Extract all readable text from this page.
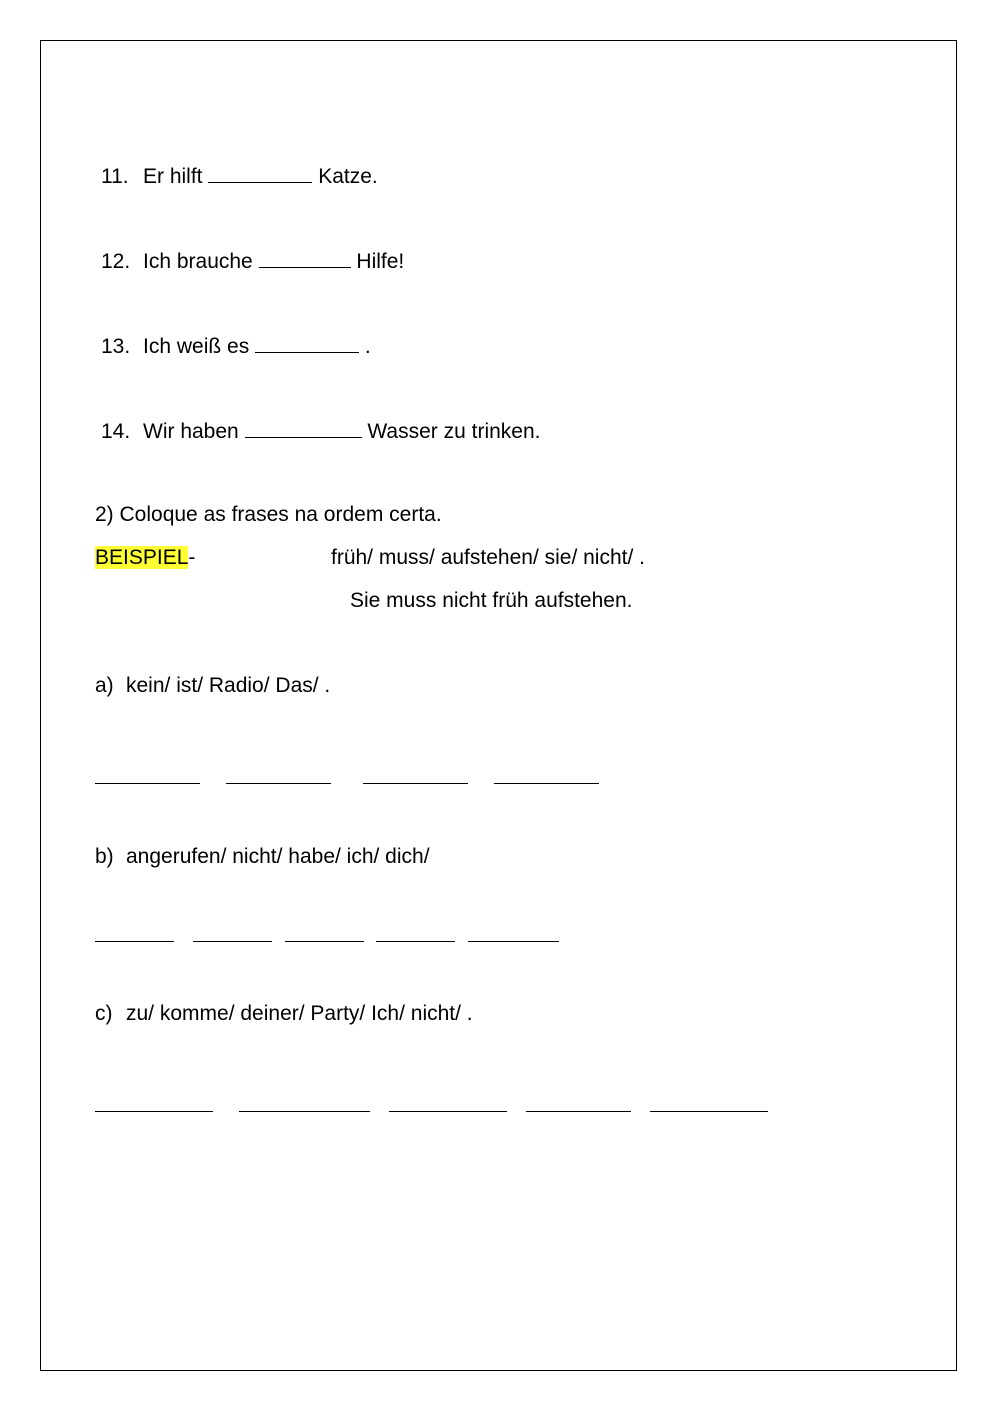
11. Er hilft	Katze.
12. Ich brauche	Hilfe!
13. Ich weiß es	.
14. Wir haben	Wasser zu trinken.
2) Coloque as frases na ordem certa.
BEISPIEL-	früh/ muss/ aufstehen/ sie/ nicht/ .
Sie muss nicht früh aufstehen.
a) kein/ ist/ Radio/ Das/ .
b) angerufen/ nicht/ habe/ ich/ dich/
c) zu/ komme/ deiner/ Party/ Ich/ nicht/ .
